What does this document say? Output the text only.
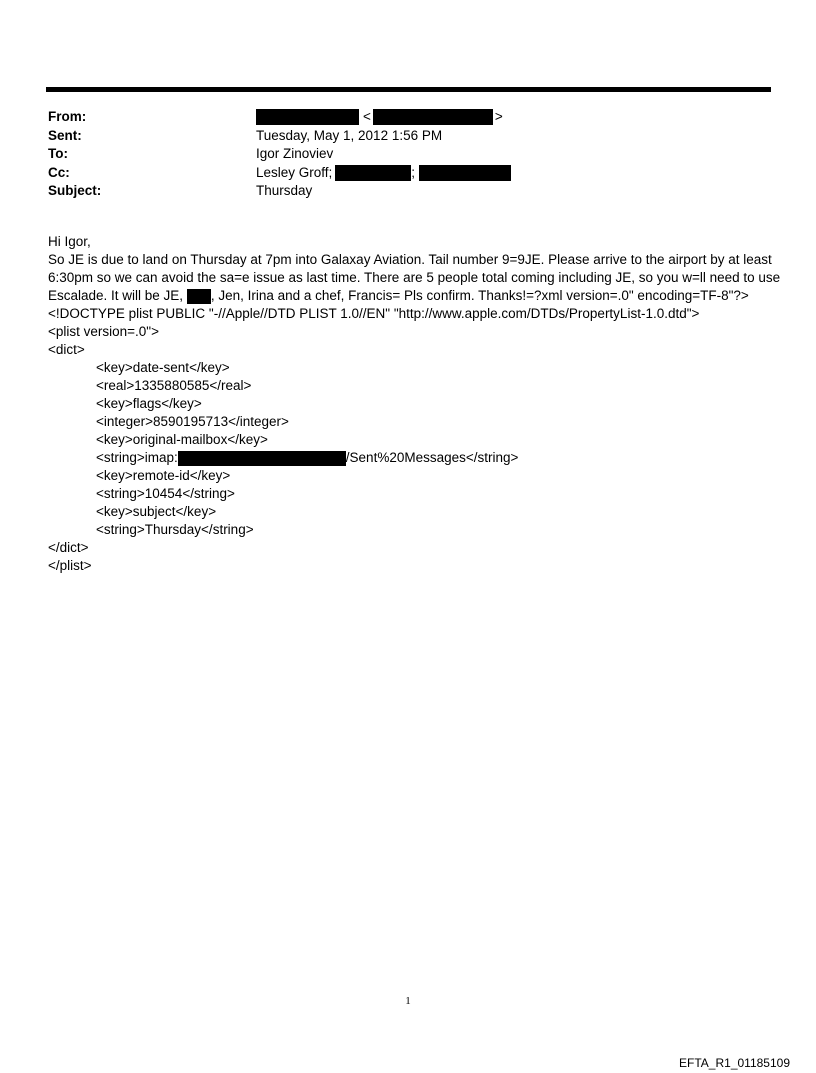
From:	<	>
Sent:	Tuesday, May 1, 2012 1:56 PM
To:	Igor Zinoviev
Cc:	Lesley Groff;	;
Subject:	Thursday
Hi Igor,
So JE is due to land on Thursday at 7pm into Galaxay Aviation. Tail number 9=9JE. Please arrive to the airport by at least
6:30pm so we can avoid the sa=e issue as last time. There are 5 people total coming including JE, so you w=ll need to use
Escalade. It will be JE, , Jen, Irina and a chef, Francis= Pls confirm. Thanks!=?xml version=.0" encoding=TF-8"?>
<!DOCTYPE plist PUBLIC "-//Apple//DTD PLIST 1.0//EN" "http://www.apple.com/DTDs/PropertyList-1.0.dtd">
<plist version=.0">
<dict>
<key>date-sent</key>
<real>1335880585</real>
<key>flags</key>
<integer>8590195713</integer>
<key>original-mailbox</key>
<string>imap:	/Sent%20Messages</string>
<key>remote-id</key>
<string>10454</string>
<key>subject</key>
<string>Thursday</string>
</dict>
</plist>
1
EFTA_R1_01185109
